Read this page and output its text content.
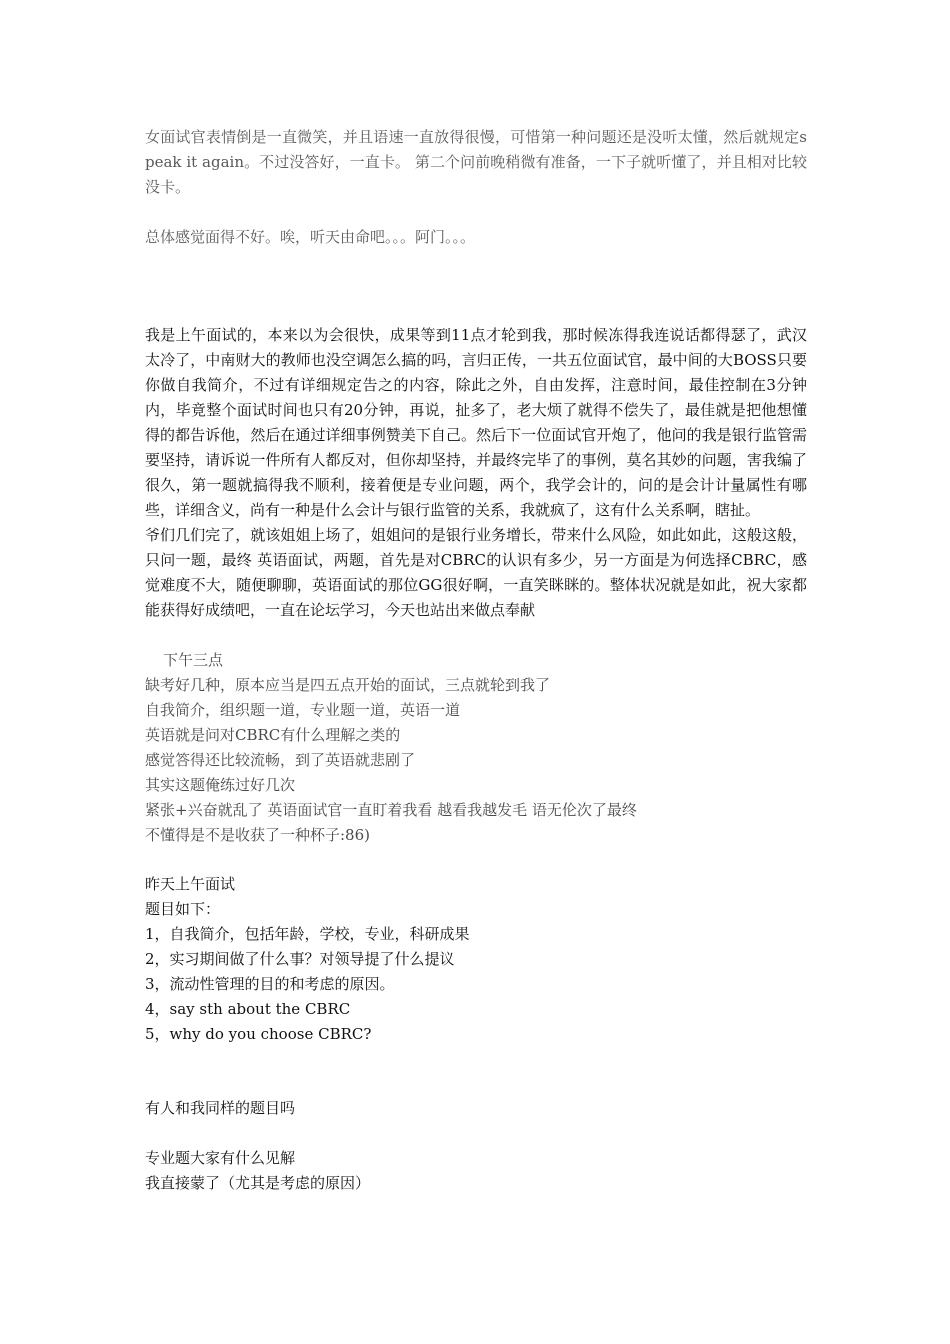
女面试官表情倒是一直微笑，并且语速一直放得很慢，可惜第一种问题还是没听太懂，然后就规定speak it again。不过没答好，一直卡。 第二个问前晚稍微有准备，一下子就听懂了，并且相对比较没卡。

总体感觉面得不好。唉，听天由命吧。。。阿门。。。

我是上午面试的，本来以为会很快，成果等到11点才轮到我，那时候冻得我连说话都得瑟了，武汉太冷了，中南财大的教师也没空调怎么搞的吗，言归正传，一共五位面试官，最中间的大BOSS只要你做自我简介，不过有详细规定告之的内容，除此之外，自由发挥，注意时间，最佳控制在3分钟内，毕竟整个面试时间也只有20分钟，再说，扯多了，老大烦了就得不偿失了，最佳就是把他想懂得的都告诉他，然后在通过详细事例赞美下自己。然后下一位面试官开炮了，他问的我是银行监管需要坚持，请诉说一件所有人都反对，但你却坚持，并最终完毕了的事例，莫名其妙的问题，害我编了很久，第一题就搞得我不顺利，接着便是专业问题，两个，我学会计的，问的是会计计量属性有哪些，详细含义，尚有一种是什么会计与银行监管的关系，我就疯了，这有什么关系啊，瞎扯。

爷们几们完了，就该姐姐上场了，姐姐问的是银行业务增长，带来什么风险，如此如此，这般这般，只问一题，最终 英语面试，两题，首先是对CBRC的认识有多少，另一方面是为何选择CBRC，感觉难度不大，随便聊聊，英语面试的那位GG很好啊，一直笑眯眯的。整体状况就是如此，祝大家都能获得好成绩吧，一直在论坛学习，今天也站出来做点奉献

下午三点

缺考好几种，原本应当是四五点开始的面试，三点就轮到我了

自我简介，组织题一道，专业题一道，英语一道

英语就是问对CBRC有什么理解之类的

感觉答得还比较流畅，到了英语就悲剧了

其实这题俺练过好几次

紧张+兴奋就乱了 英语面试官一直盯着我看 越看我越发毛 语无伦次了最终

不懂得是不是收获了一种杯子:86)

昨天上午面试

题目如下：

1，自我简介，包括年龄，学校，专业，科研成果

2，实习期间做了什么事？对领导提了什么提议

3，流动性管理的目的和考虑的原因。

4，say sth about the CBRC

5，why do you choose CBRC?

有人和我同样的题目吗

专业题大家有什么见解

我直接蒙了（尤其是考虑的原因）
